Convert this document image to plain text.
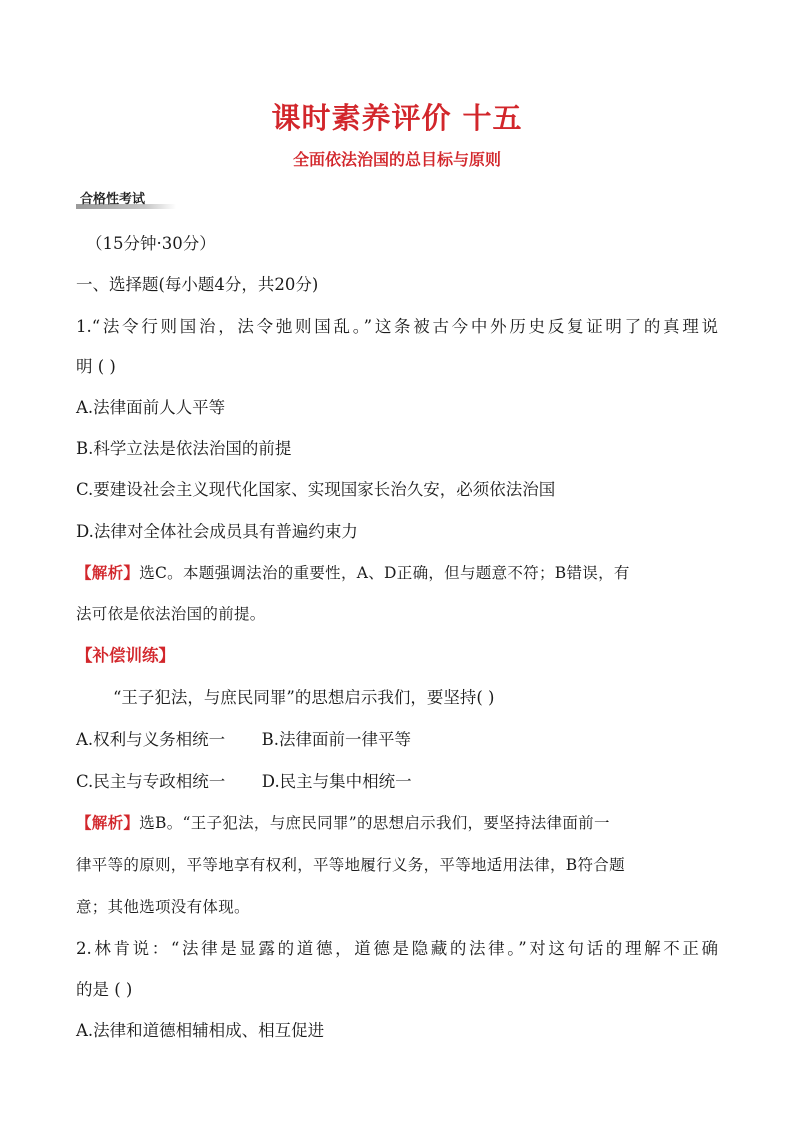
课时素养评价 十五
全面依法治国的总目标与原则
合格性考试
（15分钟·30分）
一、选择题(每小题4分，共20分)
1.“法令行则国治，法令弛则国乱。”这条被古今中外历史反复证明了的真理说
明 ( )
A.法律面前人人平等
B.科学立法是依法治国的前提
C.要建设社会主义现代化国家、实现国家长治久安，必须依法治国
D.法律对全体社会成员具有普遍约束力
【解析】选C。本题强调法治的重要性，A、D正确，但与题意不符；B错误，有
法可依是依法治国的前提。
【补偿训练】
“王子犯法，与庶民同罪”的思想启示我们，要坚持( )
A.权利与义务相统一 B.法律面前一律平等
C.民主与专政相统一 D.民主与集中相统一
【解析】选B。“王子犯法，与庶民同罪”的思想启示我们，要坚持法律面前一
律平等的原则，平等地享有权利，平等地履行义务，平等地适用法律，B符合题
意；其他选项没有体现。
2.林肯说：“法律是显露的道德，道德是隐藏的法律。”对这句话的理解不正确
的是 ( )
A.法律和道德相辅相成、相互促进
